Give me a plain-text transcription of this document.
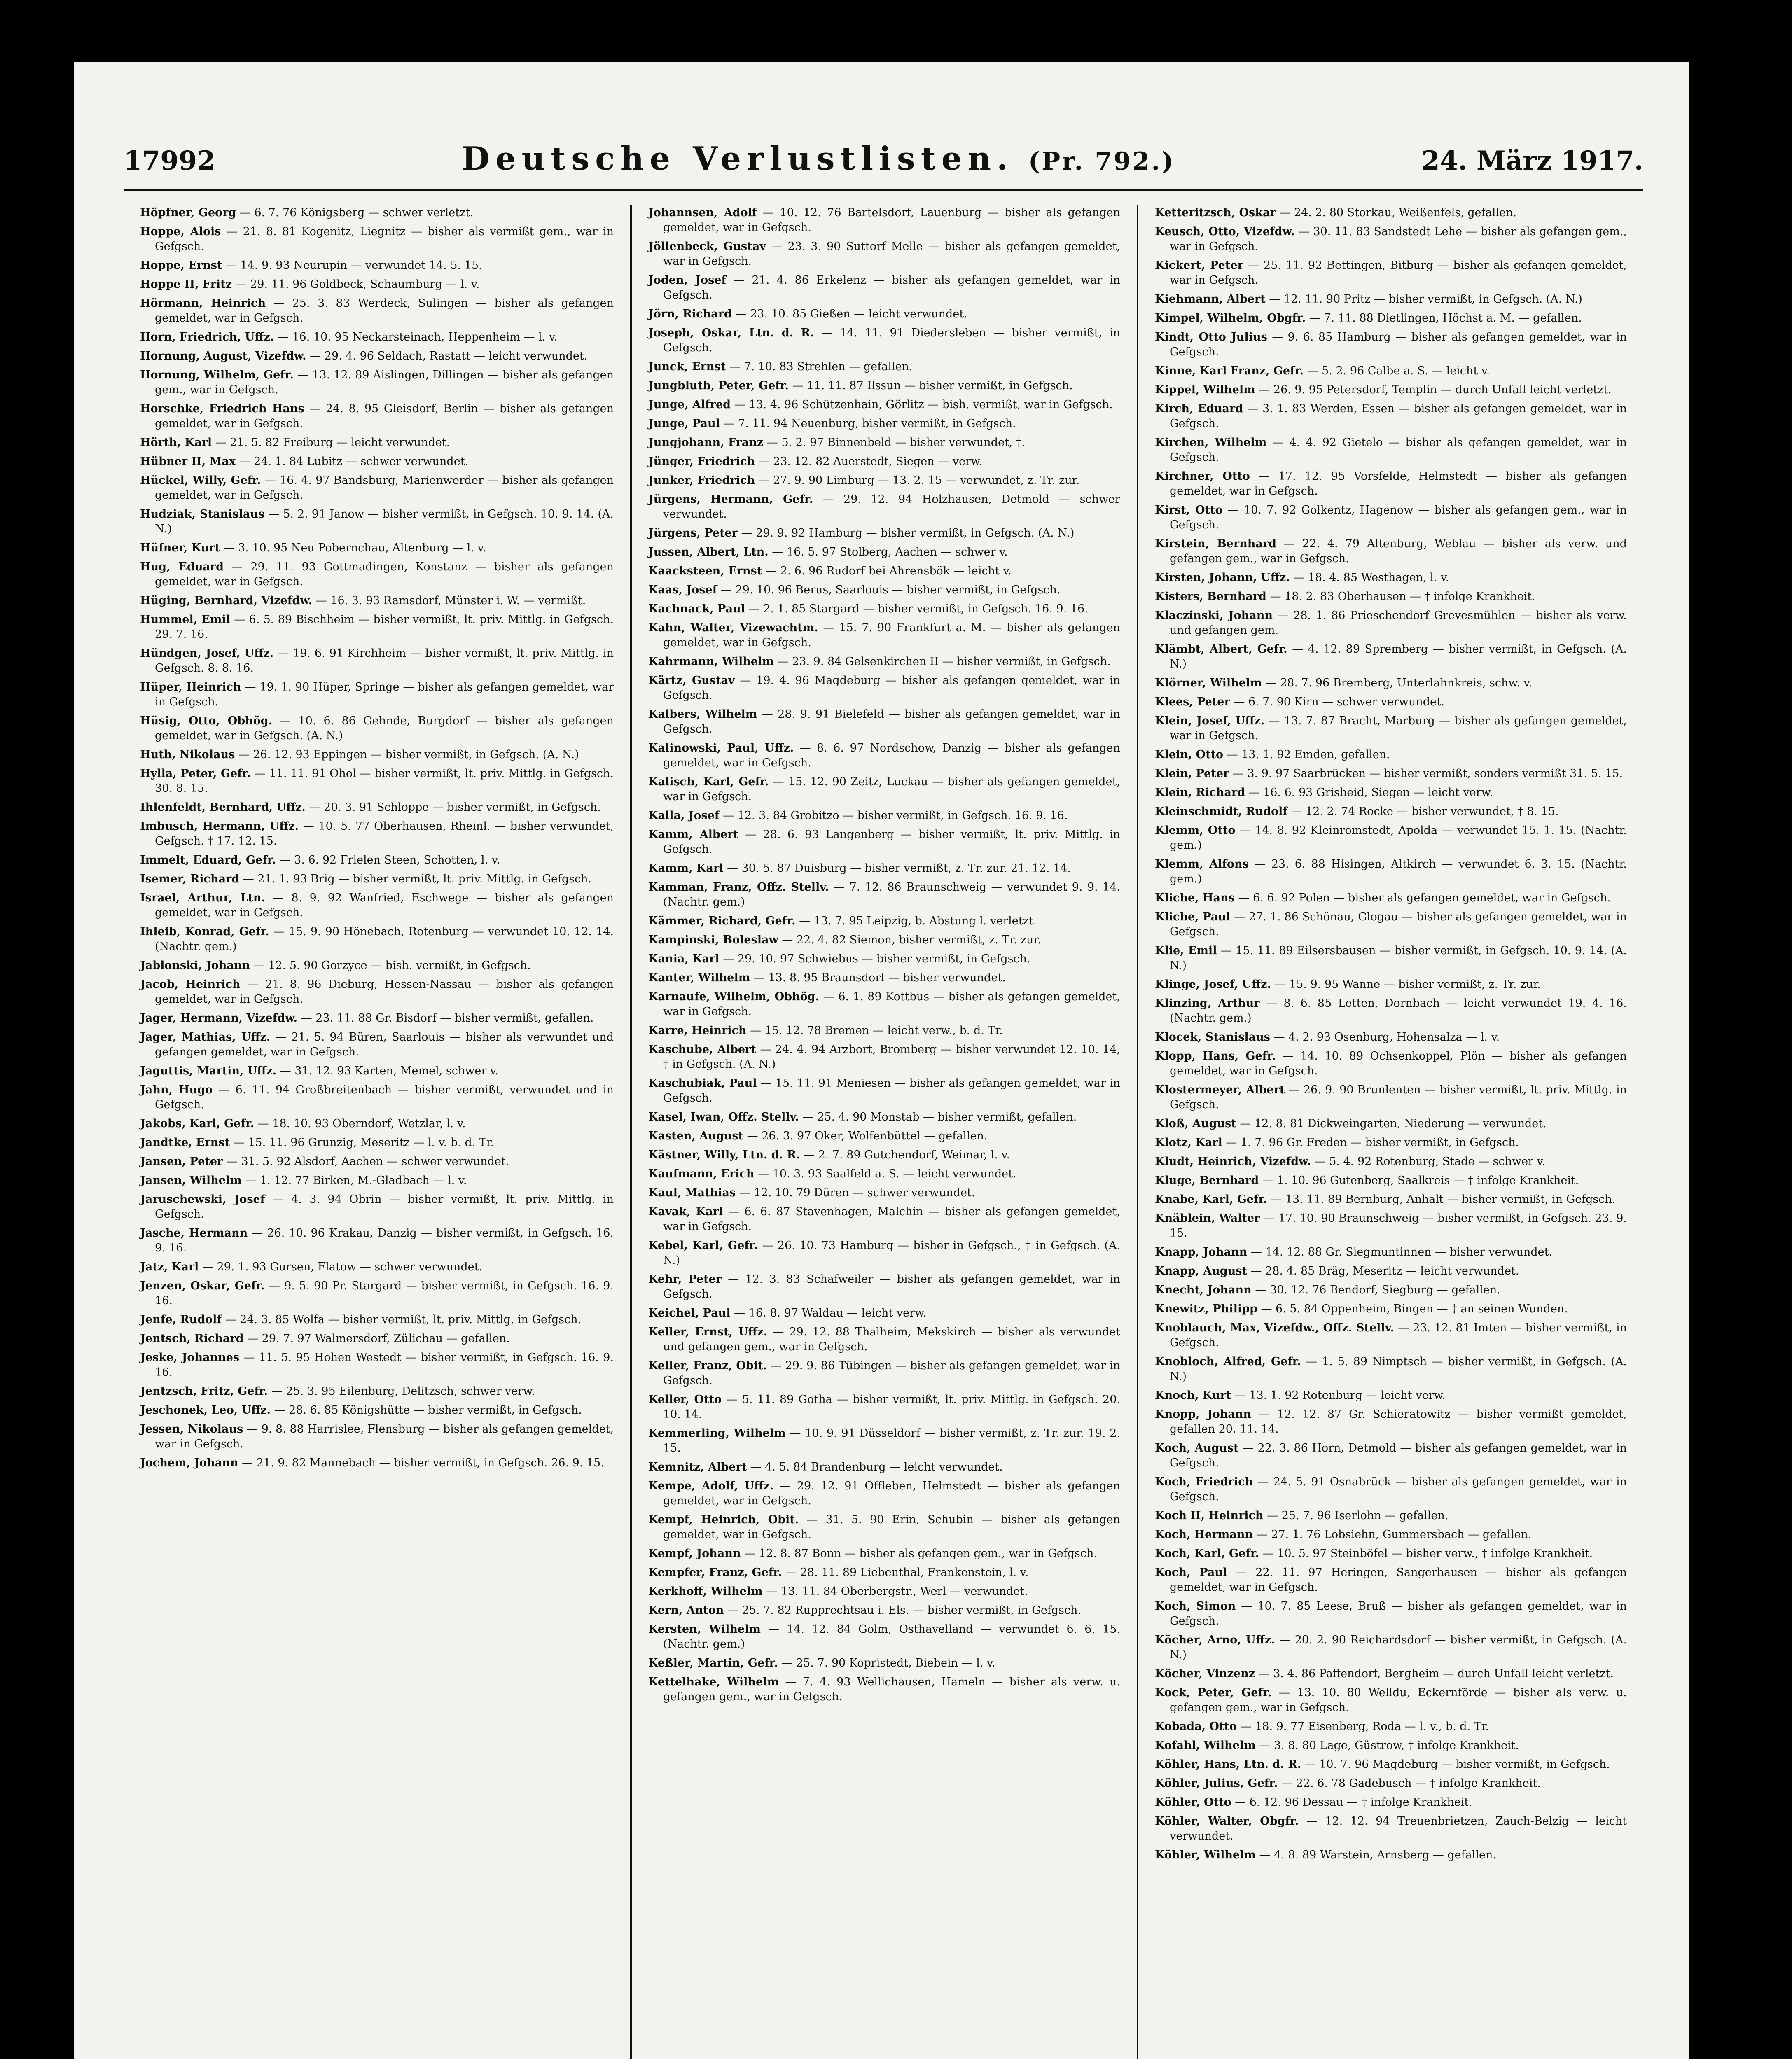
17992	Deutsche Verlustlisten. (Pr. 792.)	24. März 1917.

Höpfner, Georg — 6. 7. 76 Königsberg — schwer verletzt.

Hoppe, Alois — 21. 8. 81 Kogenitz, Liegnitz — bisher als vermißt gem., war in Gefgsch.

Hoppe, Ernst — 14. 9. 93 Neurupin — verwundet 14. 5. 15.

Hoppe II, Fritz — 29. 11. 96 Goldbeck, Schaumburg — l. v.

Hörmann, Heinrich — 25. 3. 83 Werdeck, Sulingen — bisher als gefangen gemeldet, war in Gefgsch.

Horn, Friedrich, Uffz. — 16. 10. 95 Neckarsteinach, Heppenheim — l. v.

Hornung, August, Vizefdw. — 29. 4. 96 Seldach, Rastatt — leicht verwundet.

Hornung, Wilhelm, Gefr. — 13. 12. 89 Aislingen, Dillingen — bisher als gefangen gem., war in Gefgsch.

Horschke, Friedrich Hans — 24. 8. 95 Gleisdorf, Berlin — bisher als gefangen gemeldet, war in Gefgsch.

Hörth, Karl — 21. 5. 82 Freiburg — leicht verwundet.

Hübner II, Max — 24. 1. 84 Lubitz — schwer verwundet.

Hückel, Willy, Gefr. — 16. 4. 97 Bandsburg, Marienwerder — bisher als gefangen gemeldet, war in Gefgsch.

Hudziak, Stanislaus — 5. 2. 91 Janow — bisher vermißt, in Gefgsch. 10. 9. 14. (A. N.)

Hüfner, Kurt — 3. 10. 95 Neu Pobernchau, Altenburg — l. v.

Hug, Eduard — 29. 11. 93 Gottmadingen, Konstanz — bisher als gefangen gemeldet, war in Gefgsch.

Hüging, Bernhard, Vizefdw. — 16. 3. 93 Ramsdorf, Münster i. W. — vermißt.

Hummel, Emil — 6. 5. 89 Bischheim — bisher vermißt, lt. priv. Mittlg. in Gefgsch. 29. 7. 16.

Hündgen, Josef, Uffz. — 19. 6. 91 Kirchheim — bisher vermißt, lt. priv. Mittlg. in Gefgsch. 8. 8. 16.

Hüper, Heinrich — 19. 1. 90 Hüper, Springe — bisher als gefangen gemeldet, war in Gefgsch.

Hüsig, Otto, Obhög. — 10. 6. 86 Gehnde, Burgdorf — bisher als gefangen gemeldet, war in Gefgsch. (A. N.)

Huth, Nikolaus — 26. 12. 93 Eppingen — bisher vermißt, in Gefgsch. (A. N.)

Hylla, Peter, Gefr. — 11. 11. 91 Ohol — bisher vermißt, lt. priv. Mittlg. in Gefgsch. 30. 8. 15.

Ihlenfeldt, Bernhard, Uffz. — 20. 3. 91 Schloppe — bisher vermißt, in Gefgsch.

Imbusch, Hermann, Uffz. — 10. 5. 77 Oberhausen, Rheinl. — bisher verwundet, Gefgsch. † 17. 12. 15.

Immelt, Eduard, Gefr. — 3. 6. 92 Frielen Steen, Schotten, l. v.

Isemer, Richard — 21. 1. 93 Brig — bisher vermißt, lt. priv. Mittlg. in Gefgsch.

Israel, Arthur, Ltn. — 8. 9. 92 Wanfried, Eschwege — bisher als gefangen gemeldet, war in Gefgsch.

Ihleib, Konrad, Gefr. — 15. 9. 90 Hönebach, Rotenburg — verwundet 10. 12. 14. (Nachtr. gem.)

Jablonski, Johann — 12. 5. 90 Gorzyce — bish. vermißt, in Gefgsch.

Jacob, Heinrich — 21. 8. 96 Dieburg, Hessen-Nassau — bisher als gefangen gemeldet, war in Gefgsch.

Jager, Hermann, Vizefdw. — 23. 11. 88 Gr. Bisdorf — bisher vermißt, gefallen.

Jager, Mathias, Uffz. — 21. 5. 94 Büren, Saarlouis — bisher als verwundet und gefangen gemeldet, war in Gefgsch.

Jaguttis, Martin, Uffz. — 31. 12. 93 Karten, Memel, schwer v.

Jahn, Hugo — 6. 11. 94 Großbreitenbach — bisher vermißt, verwundet und in Gefgsch.

Jakobs, Karl, Gefr. — 18. 10. 93 Oberndorf, Wetzlar, l. v.

Jandtke, Ernst — 15. 11. 96 Grunzig, Meseritz — l. v. b. d. Tr.

Jansen, Peter — 31. 5. 92 Alsdorf, Aachen — schwer verwundet.

Jansen, Wilhelm — 1. 12. 77 Birken, M.-Gladbach — l. v.

Jaruschewski, Josef — 4. 3. 94 Obrin — bisher vermißt, lt. priv. Mittlg. in Gefgsch.

Jasche, Hermann — 26. 10. 96 Krakau, Danzig — bisher vermißt, in Gefgsch. 16. 9. 16.

Jatz, Karl — 29. 1. 93 Gursen, Flatow — schwer verwundet.

Jenzen, Oskar, Gefr. — 9. 5. 90 Pr. Stargard — bisher vermißt, in Gefgsch. 16. 9. 16.

Jenfe, Rudolf — 24. 3. 85 Wolfa — bisher vermißt, lt. priv. Mittlg. in Gefgsch.

Jentsch, Richard — 29. 7. 97 Walmersdorf, Zülichau — gefallen.

Jeske, Johannes — 11. 5. 95 Hohen Westedt — bisher vermißt, in Gefgsch. 16. 9. 16.

Jentzsch, Fritz, Gefr. — 25. 3. 95 Eilenburg, Delitzsch, schwer verw.

Jeschonek, Leo, Uffz. — 28. 6. 85 Königshütte — bisher vermißt, in Gefgsch.

Jessen, Nikolaus — 9. 8. 88 Harrislee, Flensburg — bisher als gefangen gemeldet, war in Gefgsch.

Jochem, Johann — 21. 9. 82 Mannebach — bisher vermißt, in Gefgsch. 26. 9. 15.

Johannsen, Adolf — 10. 12. 76 Bartelsdorf, Lauenburg — bisher als gefangen gemeldet, war in Gefgsch.

Jöllenbeck, Gustav — 23. 3. 90 Suttorf Melle — bisher als gefangen gemeldet, war in Gefgsch.

Joden, Josef — 21. 4. 86 Erkelenz — bisher als gefangen gemeldet, war in Gefgsch.

Jörn, Richard — 23. 10. 85 Gießen — leicht verwundet.

Joseph, Oskar, Ltn. d. R. — 14. 11. 91 Diedersleben — bisher vermißt, in Gefgsch.

Junck, Ernst — 7. 10. 83 Strehlen — gefallen.

Jungbluth, Peter, Gefr. — 11. 11. 87 Ilssun — bisher vermißt, in Gefgsch.

Junge, Alfred — 13. 4. 96 Schützenhain, Görlitz — bish. vermißt, war in Gefgsch.

Junge, Paul — 7. 11. 94 Neuenburg, bisher vermißt, in Gefgsch.

Jungjohann, Franz — 5. 2. 97 Binnenbeld — bisher verwundet, †.

Jünger, Friedrich — 23. 12. 82 Auerstedt, Siegen — verw.

Junker, Friedrich — 27. 9. 90 Limburg — 13. 2. 15 — verwundet, z. Tr. zur.

Jürgens, Hermann, Gefr. — 29. 12. 94 Holzhausen, Detmold — schwer verwundet.

Jürgens, Peter — 29. 9. 92 Hamburg — bisher vermißt, in Gefgsch. (A. N.)

Jussen, Albert, Ltn. — 16. 5. 97 Stolberg, Aachen — schwer v.

Kaacksteen, Ernst — 2. 6. 96 Rudorf bei Ahrensbök — leicht v.

Kaas, Josef — 29. 10. 96 Berus, Saarlouis — bisher vermißt, in Gefgsch.

Kachnack, Paul — 2. 1. 85 Stargard — bisher vermißt, in Gefgsch. 16. 9. 16.

Kahn, Walter, Vizewachtm. — 15. 7. 90 Frankfurt a. M. — bisher als gefangen gemeldet, war in Gefgsch.

Kahrmann, Wilhelm — 23. 9. 84 Gelsenkirchen II — bisher vermißt, in Gefgsch.

Kärtz, Gustav — 19. 4. 96 Magdeburg — bisher als gefangen gemeldet, war in Gefgsch.

Kalbers, Wilhelm — 28. 9. 91 Bielefeld — bisher als gefangen gemeldet, war in Gefgsch.

Kalinowski, Paul, Uffz. — 8. 6. 97 Nordschow, Danzig — bisher als gefangen gemeldet, war in Gefgsch.

Kalisch, Karl, Gefr. — 15. 12. 90 Zeitz, Luckau — bisher als gefangen gemeldet, war in Gefgsch.

Kalla, Josef — 12. 3. 84 Grobitzo — bisher vermißt, in Gefgsch. 16. 9. 16.

Kamm, Albert — 28. 6. 93 Langenberg — bisher vermißt, lt. priv. Mittlg. in Gefgsch.

Kamm, Karl — 30. 5. 87 Duisburg — bisher vermißt, z. Tr. zur. 21. 12. 14.

Kamman, Franz, Offz. Stellv. — 7. 12. 86 Braunschweig — verwundet 9. 9. 14. (Nachtr. gem.)

Kämmer, Richard, Gefr. — 13. 7. 95 Leipzig, b. Abstung l. verletzt.

Kampinski, Boleslaw — 22. 4. 82 Siemon, bisher vermißt, z. Tr. zur.

Kania, Karl — 29. 10. 97 Schwiebus — bisher vermißt, in Gefgsch.

Kanter, Wilhelm — 13. 8. 95 Braunsdorf — bisher verwundet.

Karnaufe, Wilhelm, Obhög. — 6. 1. 89 Kottbus — bisher als gefangen gemeldet, war in Gefgsch.

Karre, Heinrich — 15. 12. 78 Bremen — leicht verw., b. d. Tr.

Kaschube, Albert — 24. 4. 94 Arzbort, Bromberg — bisher verwundet 12. 10. 14, † in Gefgsch. (A. N.)

Kaschubiak, Paul — 15. 11. 91 Meniesen — bisher als gefangen gemeldet, war in Gefgsch.

Kasel, Iwan, Offz. Stellv. — 25. 4. 90 Monstab — bisher vermißt, gefallen.

Kasten, August — 26. 3. 97 Oker, Wolfenbüttel — gefallen.

Kästner, Willy, Ltn. d. R. — 2. 7. 89 Gutchendorf, Weimar, l. v.

Kaufmann, Erich — 10. 3. 93 Saalfeld a. S. — leicht verwundet.

Kaul, Mathias — 12. 10. 79 Düren — schwer verwundet.

Kavak, Karl — 6. 6. 87 Stavenhagen, Malchin — bisher als gefangen gemeldet, war in Gefgsch.

Kebel, Karl, Gefr. — 26. 10. 73 Hamburg — bisher in Gefgsch., † in Gefgsch. (A. N.)

Kehr, Peter — 12. 3. 83 Schafweiler — bisher als gefangen gemeldet, war in Gefgsch.

Keichel, Paul — 16. 8. 97 Waldau — leicht verw.

Keller, Ernst, Uffz. — 29. 12. 88 Thalheim, Mekskirch — bisher als verwundet und gefangen gem., war in Gefgsch.

Keller, Franz, Obit. — 29. 9. 86 Tübingen — bisher als gefangen gemeldet, war in Gefgsch.

Keller, Otto — 5. 11. 89 Gotha — bisher vermißt, lt. priv. Mittlg. in Gefgsch. 20. 10. 14.

Kemmerling, Wilhelm — 10. 9. 91 Düsseldorf — bisher vermißt, z. Tr. zur. 19. 2. 15.

Kemnitz, Albert — 4. 5. 84 Brandenburg — leicht verwundet.

Kempe, Adolf, Uffz. — 29. 12. 91 Offleben, Helmstedt — bisher als gefangen gemeldet, war in Gefgsch.

Kempf, Heinrich, Obit. — 31. 5. 90 Erin, Schubin — bisher als gefangen gemeldet, war in Gefgsch.

Kempf, Johann — 12. 8. 87 Bonn — bisher als gefangen gem., war in Gefgsch.

Kempfer, Franz, Gefr. — 28. 11. 89 Liebenthal, Frankenstein, l. v.

Kerkhoff, Wilhelm — 13. 11. 84 Oberbergstr., Werl — verwundet.

Kern, Anton — 25. 7. 82 Rupprechtsau i. Els. — bisher vermißt, in Gefgsch.

Kersten, Wilhelm — 14. 12. 84 Golm, Osthavelland — verwundet 6. 6. 15. (Nachtr. gem.)

Keßler, Martin, Gefr. — 25. 7. 90 Kopristedt, Biebein — l. v.

Kettelhake, Wilhelm — 7. 4. 93 Wellichausen, Hameln — bisher als verw. u. gefangen gem., war in Gefgsch.

Ketteritzsch, Oskar — 24. 2. 80 Storkau, Weißenfels, gefallen.

Keusch, Otto, Vizefdw. — 30. 11. 83 Sandstedt Lehe — bisher als gefangen gem., war in Gefgsch.

Kickert, Peter — 25. 11. 92 Bettingen, Bitburg — bisher als gefangen gemeldet, war in Gefgsch.

Kiehmann, Albert — 12. 11. 90 Pritz — bisher vermißt, in Gefgsch. (A. N.)

Kimpel, Wilhelm, Obgfr. — 7. 11. 88 Dietlingen, Höchst a. M. — gefallen.

Kindt, Otto Julius — 9. 6. 85 Hamburg — bisher als gefangen gemeldet, war in Gefgsch.

Kinne, Karl Franz, Gefr. — 5. 2. 96 Calbe a. S. — leicht v.

Kippel, Wilhelm — 26. 9. 95 Petersdorf, Templin — durch Unfall leicht verletzt.

Kirch, Eduard — 3. 1. 83 Werden, Essen — bisher als gefangen gemeldet, war in Gefgsch.

Kirchen, Wilhelm — 4. 4. 92 Gietelo — bisher als gefangen gemeldet, war in Gefgsch.

Kirchner, Otto — 17. 12. 95 Vorsfelde, Helmstedt — bisher als gefangen gemeldet, war in Gefgsch.

Kirst, Otto — 10. 7. 92 Golkentz, Hagenow — bisher als gefangen gem., war in Gefgsch.

Kirstein, Bernhard — 22. 4. 79 Altenburg, Weblau — bisher als verw. und gefangen gem., war in Gefgsch.

Kirsten, Johann, Uffz. — 18. 4. 85 Westhagen, l. v.

Kisters, Bernhard — 18. 2. 83 Oberhausen — † infolge Krankheit.

Klaczinski, Johann — 28. 1. 86 Prieschendorf Grevesmühlen — bisher als verw. und gefangen gem.

Klämbt, Albert, Gefr. — 4. 12. 89 Spremberg — bisher vermißt, in Gefgsch. (A. N.)

Klörner, Wilhelm — 28. 7. 96 Bremberg, Unterlahnkreis, schw. v.

Klees, Peter — 6. 7. 90 Kirn — schwer verwundet.

Klein, Josef, Uffz. — 13. 7. 87 Bracht, Marburg — bisher als gefangen gemeldet, war in Gefgsch.

Klein, Otto — 13. 1. 92 Emden, gefallen.

Klein, Peter — 3. 9. 97 Saarbrücken — bisher vermißt, sonders vermißt 31. 5. 15.

Klein, Richard — 16. 6. 93 Grisheid, Siegen — leicht verw.

Kleinschmidt, Rudolf — 12. 2. 74 Rocke — bisher verwundet, † 8. 15.

Klemm, Otto — 14. 8. 92 Kleinromstedt, Apolda — verwundet 15. 1. 15. (Nachtr. gem.)

Klemm, Alfons — 23. 6. 88 Hisingen, Altkirch — verwundet 6. 3. 15. (Nachtr. gem.)

Kliche, Hans — 6. 6. 92 Polen — bisher als gefangen gemeldet, war in Gefgsch.

Kliche, Paul — 27. 1. 86 Schönau, Glogau — bisher als gefangen gemeldet, war in Gefgsch.

Klie, Emil — 15. 11. 89 Eilsersbausen — bisher vermißt, in Gefgsch. 10. 9. 14. (A. N.)

Klinge, Josef, Uffz. — 15. 9. 95 Wanne — bisher vermißt, z. Tr. zur.

Klinzing, Arthur — 8. 6. 85 Letten, Dornbach — leicht verwundet 19. 4. 16. (Nachtr. gem.)

Klocek, Stanislaus — 4. 2. 93 Osenburg, Hohensalza — l. v.

Klopp, Hans, Gefr. — 14. 10. 89 Ochsenkoppel, Plön — bisher als gefangen gemeldet, war in Gefgsch.

Klostermeyer, Albert — 26. 9. 90 Brunlenten — bisher vermißt, lt. priv. Mittlg. in Gefgsch.

Kloß, August — 12. 8. 81 Dickweingarten, Niederung — verwundet.

Klotz, Karl — 1. 7. 96 Gr. Freden — bisher vermißt, in Gefgsch.

Kludt, Heinrich, Vizefdw. — 5. 4. 92 Rotenburg, Stade — schwer v.

Kluge, Bernhard — 1. 10. 96 Gutenberg, Saalkreis — † infolge Krankheit.

Knabe, Karl, Gefr. — 13. 11. 89 Bernburg, Anhalt — bisher vermißt, in Gefgsch.

Knäblein, Walter — 17. 10. 90 Braunschweig — bisher vermißt, in Gefgsch. 23. 9. 15.

Knapp, Johann — 14. 12. 88 Gr. Siegmuntinnen — bisher verwundet.

Knapp, August — 28. 4. 85 Bräg, Meseritz — leicht verwundet.

Knecht, Johann — 30. 12. 76 Bendorf, Siegburg — gefallen.

Knewitz, Philipp — 6. 5. 84 Oppenheim, Bingen — † an seinen Wunden.

Knoblauch, Max, Vizefdw., Offz. Stellv. — 23. 12. 81 Imten — bisher vermißt, in Gefgsch.

Knobloch, Alfred, Gefr. — 1. 5. 89 Nimptsch — bisher vermißt, in Gefgsch. (A. N.)

Knoch, Kurt — 13. 1. 92 Rotenburg — leicht verw.

Knopp, Johann — 12. 12. 87 Gr. Schieratowitz — bisher vermißt gemeldet, gefallen 20. 11. 14.

Koch, August — 22. 3. 86 Horn, Detmold — bisher als gefangen gemeldet, war in Gefgsch.

Koch, Friedrich — 24. 5. 91 Osnabrück — bisher als gefangen gemeldet, war in Gefgsch.

Koch II, Heinrich — 25. 7. 96 Iserlohn — gefallen.

Koch, Hermann — 27. 1. 76 Lobsiehn, Gummersbach — gefallen.

Koch, Karl, Gefr. — 10. 5. 97 Steinböfel — bisher verw., † infolge Krankheit.

Koch, Paul — 22. 11. 97 Heringen, Sangerhausen — bisher als gefangen gemeldet, war in Gefgsch.

Koch, Simon — 10. 7. 85 Leese, Bruß — bisher als gefangen gemeldet, war in Gefgsch.

Köcher, Arno, Uffz. — 20. 2. 90 Reichardsdorf — bisher vermißt, in Gefgsch. (A. N.)

Köcher, Vinzenz — 3. 4. 86 Paffendorf, Bergheim — durch Unfall leicht verletzt.

Kock, Peter, Gefr. — 13. 10. 80 Welldu, Eckernförde — bisher als verw. u. gefangen gem., war in Gefgsch.

Kobada, Otto — 18. 9. 77 Eisenberg, Roda — l. v., b. d. Tr.

Kofahl, Wilhelm — 3. 8. 80 Lage, Güstrow, † infolge Krankheit.

Köhler, Hans, Ltn. d. R. — 10. 7. 96 Magdeburg — bisher vermißt, in Gefgsch.

Köhler, Julius, Gefr. — 22. 6. 78 Gadebusch — † infolge Krankheit.

Köhler, Otto — 6. 12. 96 Dessau — † infolge Krankheit.

Köhler, Walter, Obgfr. — 12. 12. 94 Treuenbrietzen, Zauch-Belzig — leicht verwundet.

Köhler, Wilhelm — 4. 8. 89 Warstein, Arnsberg — gefallen.
